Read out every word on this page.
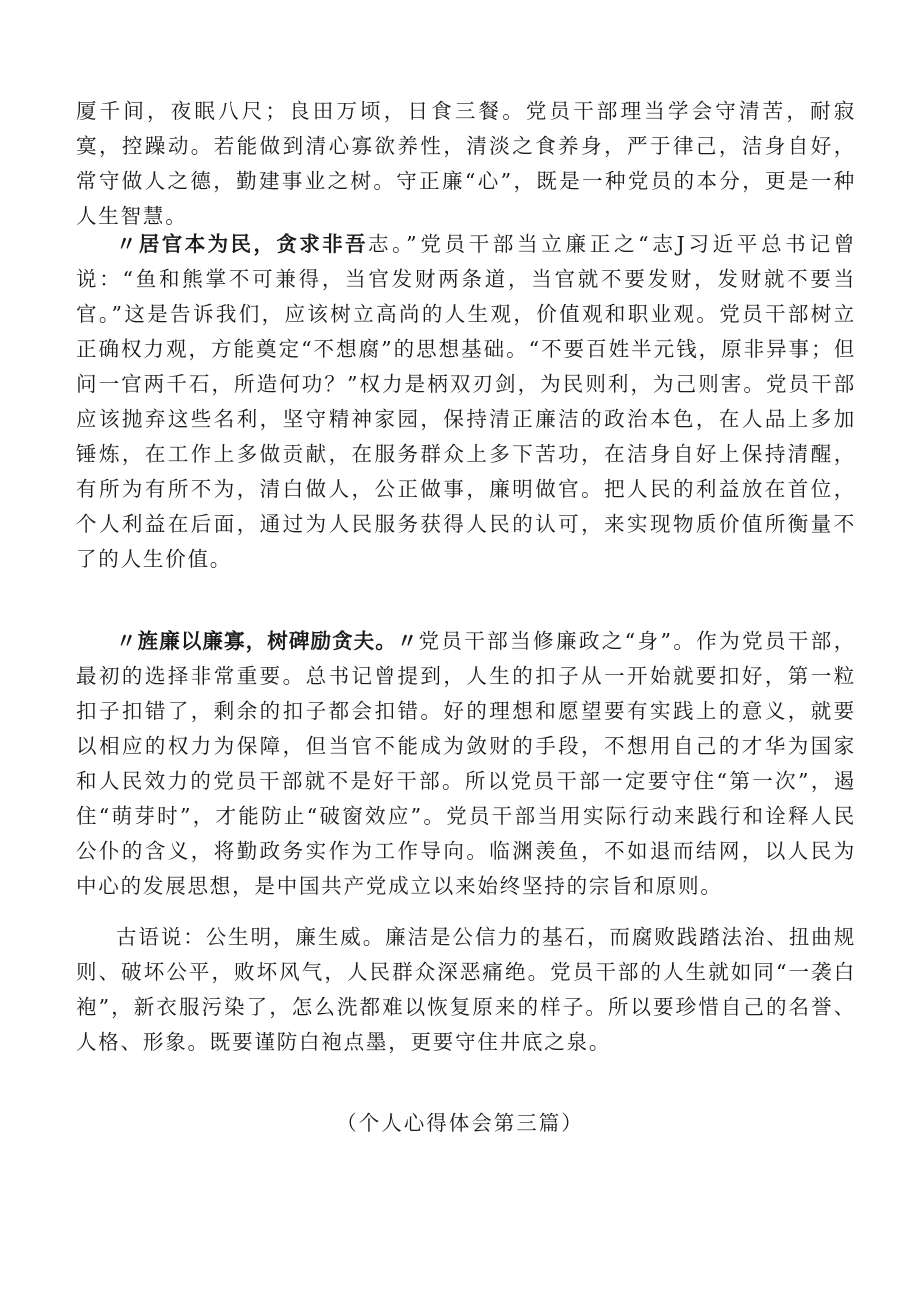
厦千间，夜眠八尺；良田万顷，日食三餐。党员干部理当学会守清苦，耐寂寞，控躁动。若能做到清心寡欲养性，清淡之食养身，严于律己，洁身自好，常守做人之德，勤建事业之树。守正廉“心”，既是一种党员的本分，更是一种人生智慧。

〃居官本为民，贪求非吾志。”党员干部当立廉正之“志J习近平总书记曾说：“鱼和熊掌不可兼得，当官发财两条道，当官就不要发财，发财就不要当官。”这是告诉我们，应该树立高尚的人生观，价值观和职业观。党员干部树立正确权力观，方能奠定“不想腐”的思想基础。“不要百姓半元钱，原非异事；但问一官两千石，所造何功？”权力是柄双刃剑，为民则利，为己则害。党员干部应该抛弃这些名利，坚守精神家园，保持清正廉洁的政治本色，在人品上多加锤炼，在工作上多做贡献，在服务群众上多下苦功，在洁身自好上保持清醒，有所为有所不为，清白做人，公正做事，廉明做官。把人民的利益放在首位，个人利益在后面，通过为人民服务获得人民的认可，来实现物质价值所衡量不了的人生价值。

〃旌廉以廉寡，树碑励贪夫。〃党员干部当修廉政之“身”。作为党员干部，最初的选择非常重要。总书记曾提到，人生的扣子从一开始就要扣好，第一粒扣子扣错了，剩余的扣子都会扣错。好的理想和愿望要有实践上的意义，就要以相应的权力为保障，但当官不能成为敛财的手段，不想用自己的才华为国家和人民效力的党员干部就不是好干部。所以党员干部一定要守住“第一次”，遏住“萌芽时”，才能防止“破窗效应”。党员干部当用实际行动来践行和诠释人民公仆的含义，将勤政务实作为工作导向。临渊羡鱼，不如退而结网，以人民为中心的发展思想，是中国共产党成立以来始终坚持的宗旨和原则。

古语说：公生明，廉生威。廉洁是公信力的基石，而腐败践踏法治、扭曲规则、破坏公平，败坏风气，人民群众深恶痛绝。党员干部的人生就如同“一袭白袍”，新衣服污染了，怎么洗都难以恢复原来的样子。所以要珍惜自己的名誉、人格、形象。既要谨防白袍点墨，更要守住井底之泉。

（个人心得体会第三篇）
